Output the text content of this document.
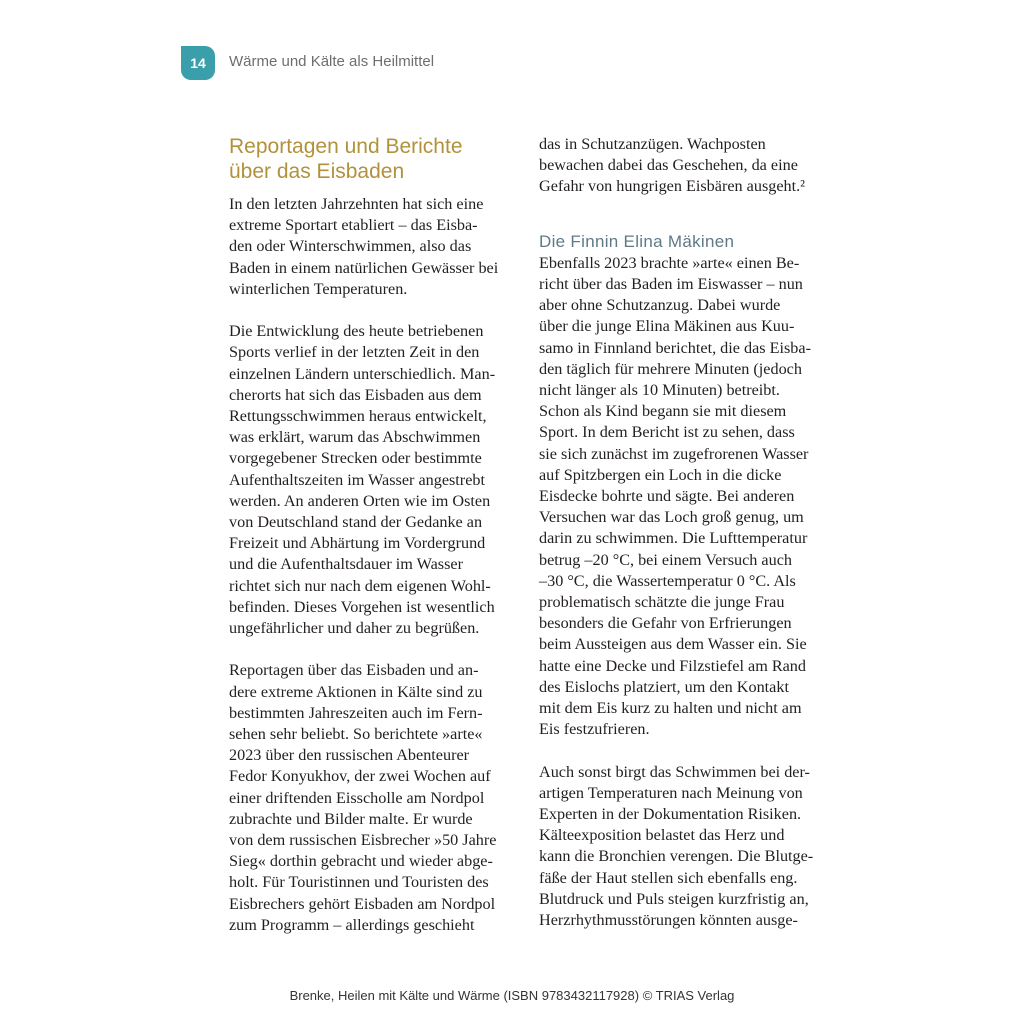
14 Wärme und Kälte als Heilmittel
Reportagen und Berichte
über das Eisbaden

In den letzten Jahrzehnten hat sich eine

extreme Sportart etabliert – das Eisba-

den oder Winterschwimmen, also das

Baden in einem natürlichen Gewässer bei

winterlichen Temperaturen.

Die Entwicklung des heute betriebenen

Sports verlief in der letzten Zeit in den

einzelnen Ländern unterschiedlich. Man-

cherorts hat sich das Eisbaden aus dem

Rettungsschwimmen heraus entwickelt,

was erklärt, warum das Abschwimmen

vorgegebener Strecken oder bestimmte

Aufenthaltszeiten im Wasser angestrebt

werden. An anderen Orten wie im Osten

von Deutschland stand der Gedanke an

Freizeit und Abhärtung im Vordergrund

und die Aufenthaltsdauer im Wasser

richtet sich nur nach dem eigenen Wohl-

befinden. Dieses Vorgehen ist wesentlich

ungefährlicher und daher zu begrüßen.

Reportagen über das Eisbaden und an-

dere extreme Aktionen in Kälte sind zu

bestimmten Jahreszeiten auch im Fern-

sehen sehr beliebt. So berichtete »arte«

2023 über den russischen Abenteurer

Fedor Konyukhov, der zwei Wochen auf

einer driftenden Eisscholle am Nordpol

zubrachte und Bilder malte. Er wurde

von dem russischen Eisbrecher »50 Jahre

Sieg« dorthin gebracht und wieder abge-

holt. Für Touristinnen und Touristen des

Eisbrechers gehört Eisbaden am Nordpol

zum Programm – allerdings geschieht

das in Schutzanzügen. Wachposten

bewachen dabei das Geschehen, da eine

Gefahr von hungrigen Eisbären ausgeht.²

Die Finnin Elina Mäkinen

Ebenfalls 2023 brachte »arte« einen Be-

richt über das Baden im Eiswasser – nun

aber ohne Schutzanzug. Dabei wurde

über die junge Elina Mäkinen aus Kuu-

samo in Finnland berichtet, die das Eisba-

den täglich für mehrere Minuten (jedoch

nicht länger als 10 Minuten) betreibt.

Schon als Kind begann sie mit diesem

Sport. In dem Bericht ist zu sehen, dass

sie sich zunächst im zugefrorenen Wasser

auf Spitzbergen ein Loch in die dicke

Eisdecke bohrte und sägte. Bei anderen

Versuchen war das Loch groß genug, um

darin zu schwimmen. Die Lufttemperatur

betrug –20 °C, bei einem Versuch auch

–30 °C, die Wassertemperatur 0 °C. Als

problematisch schätzte die junge Frau

besonders die Gefahr von Erfrierungen

beim Aussteigen aus dem Wasser ein. Sie

hatte eine Decke und Filzstiefel am Rand

des Eislochs platziert, um den Kontakt

mit dem Eis kurz zu halten und nicht am

Eis festzufrieren.

Auch sonst birgt das Schwimmen bei der-

artigen Temperaturen nach Meinung von

Experten in der Dokumentation Risiken.

Kälteexposition belastet das Herz und

kann die Bronchien verengen. Die Blutge-

fäße der Haut stellen sich ebenfalls eng.

Blutdruck und Puls steigen kurzfristig an,

Herzrhythmusstörungen könnten ausge-

Brenke, Heilen mit Kälte und Wärme (ISBN 9783432117928) © TRIAS Verlag
